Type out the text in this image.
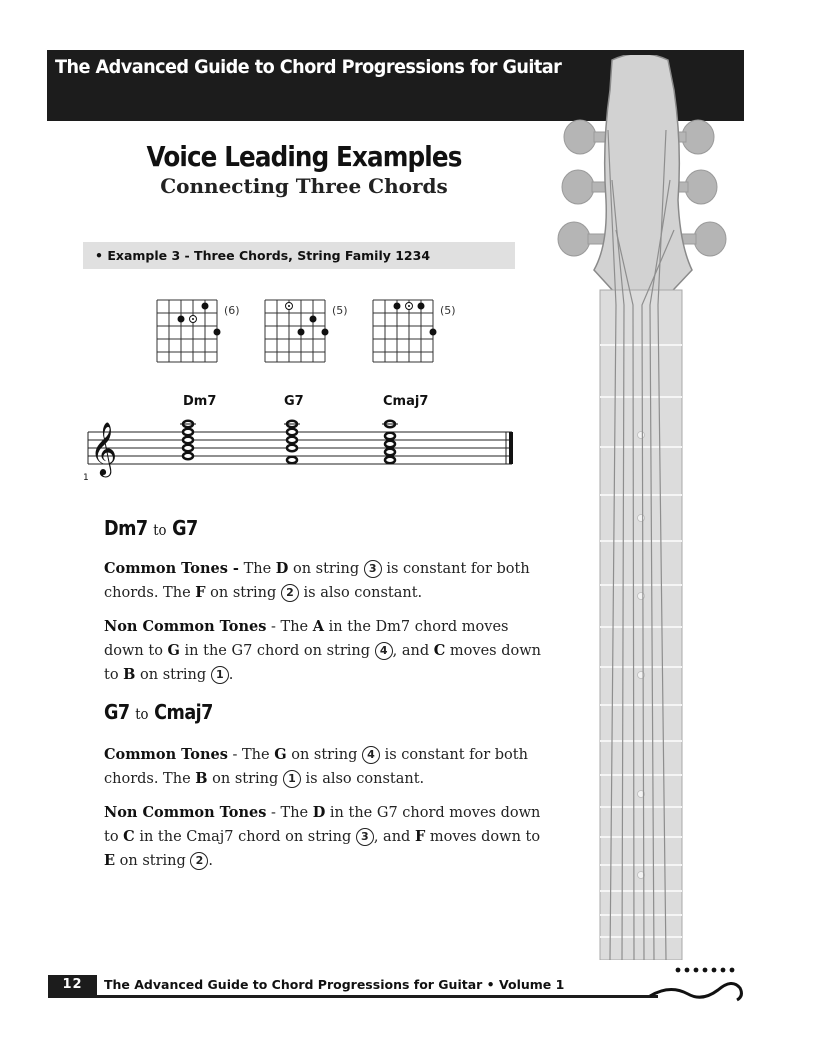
The Advanced Guide to Chord Progressions for Guitar
Voice Leading Examples
Connecting Three Chords
• Example 3 - Three Chords, String Family 1234
(6)	(5)	(5)
Dm7	G7	Cmaj7
𝄞
1
Dm7 to G7

Common Tones - The D on string 3 is constant for both chords. The F on string 2 is also constant.

Non Common Tones - The A in the Dm7 chord moves down to G in the G7 chord on string 4 , and C moves down to B on string 1 .

G7 to Cmaj7

Common Tones - The G on string 4 is constant for both chords. The B on string 1 is also constant.

Non Common Tones - The D in the G7 chord moves down to C in the Cmaj7 chord on string 3 , and F moves down to E on string 2 .

12	The Advanced Guide to Chord Progressions for Guitar • Volume 1
